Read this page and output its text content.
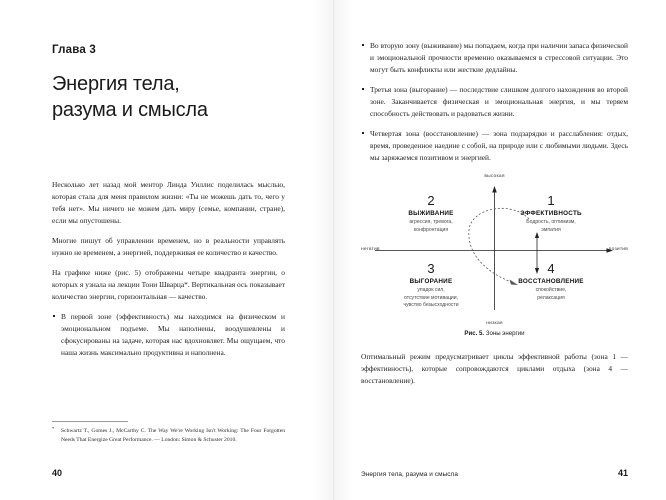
Глава 3
Энергия тела,
разума и смысла

Несколько лет назад мой ментор Линда Уиллис поделилась мыслью, которая стала для меня правилом жизни: «Ты не можешь дать то, чего у тебя нет». Мы ничего не можем дать миру (семье, компании, стране), если мы опустошены.

Многие пишут об управлении временем, но в реальности управлять нужно не временем, а энергией, поддерживая ее количество и качество.

На графике ниже (рис. 5) отображены четыре квадранта энергии, о которых я узнала на лекции Тони Шварца*. Вертикальная ось показывает количество энергии, горизонтальная — качество.

В первой зоне (эффективность) мы находимся на физическом и эмоциональном подъеме. Мы наполнены, воодушевлены и сфокусированы на задаче, которая нас вдохновляет. Мы ощущаем, что наша жизнь максимально продуктивна и наполнена.

* Schwartz T., Gomes J., McCarthy C. The Way We're Working Isn't Working: The Four Forgotten Needs That Energize Great Performance. — London: Simon & Schuster 2010.

40
Во вторую зону (выживание) мы попадаем, когда при наличии запаса физической и эмоциональной прочности временно оказываемся в стрессовой ситуации. Это могут быть конфликты или жесткие дедлайны.
Третья зона (выгорание) — последствие слишком долгого нахождения во второй зоне. Заканчивается физическая и эмоциональная энергия, и мы теряем способность действовать и радоваться жизни.
Четвертая зона (восстановление) — зона подзарядки и расслабления: отдых, время, проведенное наедине с собой, на природе или с любимыми людьми. Здесь мы заряжаемся позитивом и энергией.
высокая
низкая
негатив	позитив
2
ВЫЖИВАНИЕ
агрессия, тревога,
конфронтация
1
ЭФФЕКТИВНОСТЬ
Бодрость, оптимизм,
эмпатия
3
ВЫГОРАНИЕ
упадок сил,
отсутствие мотивации,
чувство безысходности
4
ВОССТАНОВЛЕНИЕ
спокойствие,
релаксация
Рис. 5. Зоны энергии

Оптимальный режим предусматривает циклы эффективной работы (зона 1 — эффективность), которые сопровождаются циклами отдыха (зона 4 — восстановление).

Энергия тела, разума и смысла	41
